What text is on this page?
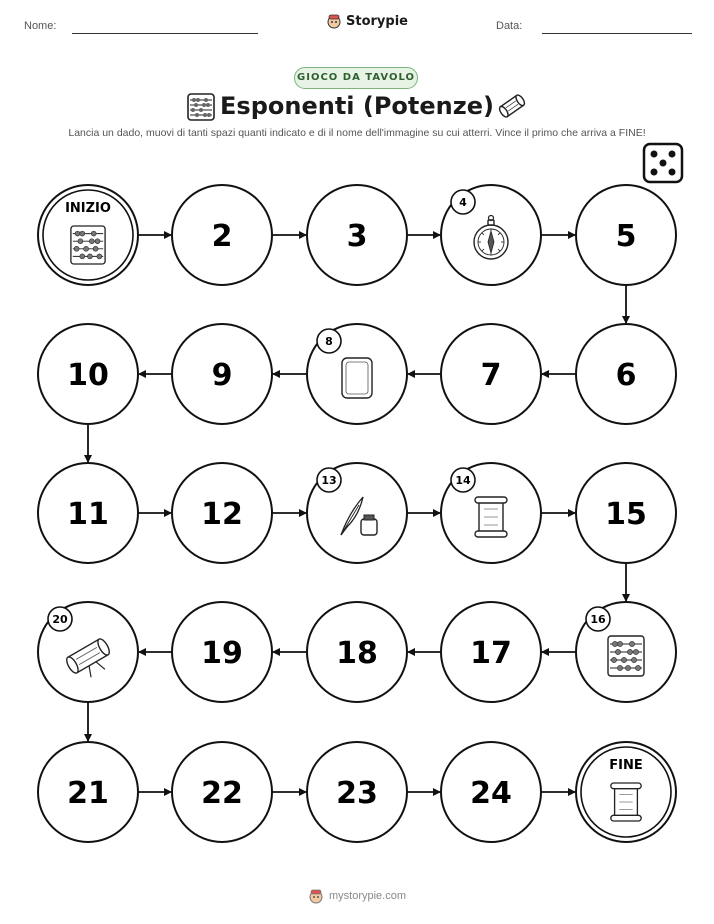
Nome:	Storypie	Data:
GIOCO DA TAVOLO
Esponenti (Potenze)
Lancia un dado, muovi di tanti spazi quanti indicato e di il nome dell'immagine su cui atterri. Vince il primo che arriva a FINE!
INIZIO
2	3
4
5
6
7
8
9
10
11	12
13	14
15
16
17
18
19
20
21	22	23	24
FINE
mystorypie.com
